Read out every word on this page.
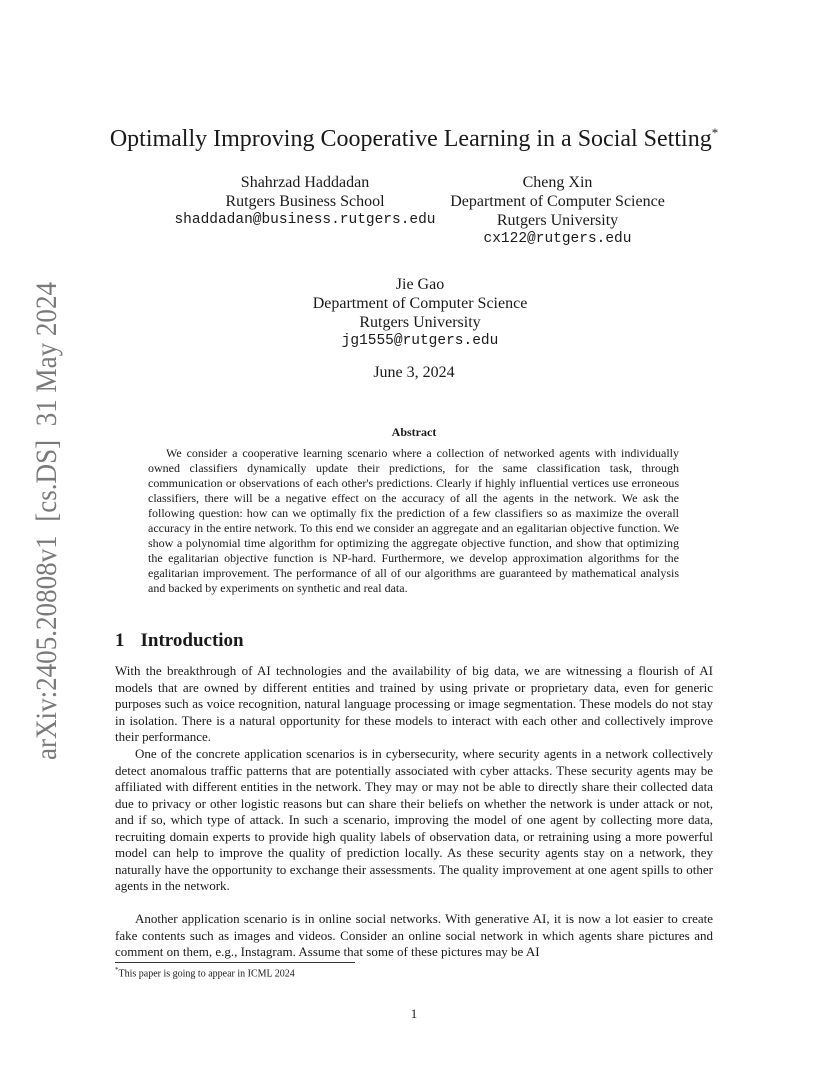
arXiv:2405.20808v1  [cs.DS]  31 May 2024
Optimally Improving Cooperative Learning in a Social Setting*
Shahrzad Haddadan
Rutgers Business School
shaddadan@business.rutgers.edu
Cheng Xin
Department of Computer Science
Rutgers University
cx122@rutgers.edu
Jie Gao
Department of Computer Science
Rutgers University
jg1555@rutgers.edu
June 3, 2024
Abstract

We consider a cooperative learning scenario where a collection of networked agents with individually owned classifiers dynamically update their predictions, for the same classification task, through communication or observations of each other's predictions. Clearly if highly influential vertices use erroneous classifiers, there will be a negative effect on the accuracy of all the agents in the network. We ask the following question: how can we optimally fix the prediction of a few classifiers so as maximize the overall accuracy in the entire network. To this end we consider an aggregate and an egalitarian objective function. We show a polynomial time algorithm for optimizing the aggregate objective function, and show that optimizing the egalitarian objective function is NP-hard. Furthermore, we develop approximation algorithms for the egalitarian improvement. The performance of all of our algorithms are guaranteed by mathematical analysis and backed by experiments on synthetic and real data.

1 Introduction

With the breakthrough of AI technologies and the availability of big data, we are witnessing a flourish of AI models that are owned by different entities and trained by using private or proprietary data, even for generic purposes such as voice recognition, natural language processing or image segmentation. These models do not stay in isolation. There is a natural opportunity for these models to interact with each other and collectively improve their performance.

One of the concrete application scenarios is in cybersecurity, where security agents in a network collectively detect anomalous traffic patterns that are potentially associated with cyber attacks. These security agents may be affiliated with different entities in the network. They may or may not be able to directly share their collected data due to privacy or other logistic reasons but can share their beliefs on whether the network is under attack or not, and if so, which type of attack. In such a scenario, improving the model of one agent by collecting more data, recruiting domain experts to provide high quality labels of observation data, or retraining using a more powerful model can help to improve the quality of prediction locally. As these security agents stay on a network, they naturally have the opportunity to exchange their assessments. The quality improvement at one agent spills to other agents in the network.

Another application scenario is in online social networks. With generative AI, it is now a lot easier to create fake contents such as images and videos. Consider an online social network in which agents share pictures and comment on them, e.g., Instagram. Assume that some of these pictures may be AI

*This paper is going to appear in ICML 2024
1
